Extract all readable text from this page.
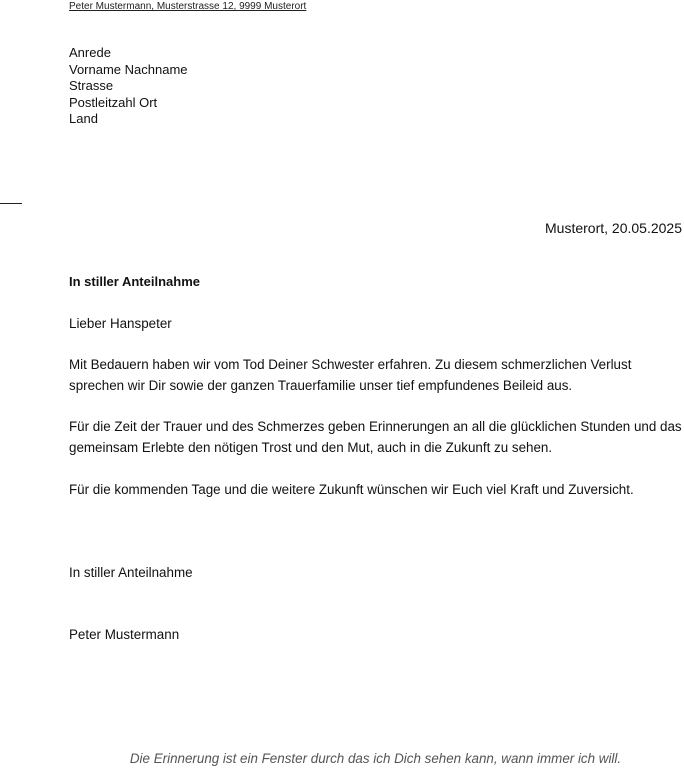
Peter Mustermann, Musterstrasse 12, 9999 Musterort
Anrede
Vorname Nachname
Strasse
Postleitzahl Ort
Land
Musterort, 20.05.2025
In stiller Anteilnahme
Lieber Hanspeter
Mit Bedauern haben wir vom Tod Deiner Schwester erfahren. Zu diesem schmerzlichen Verlust
sprechen wir Dir sowie der ganzen Trauerfamilie unser tief empfundenes Beileid aus.
Für die Zeit der Trauer und des Schmerzes geben Erinnerungen an all die glücklichen Stunden und das
gemeinsam Erlebte den nötigen Trost und den Mut, auch in die Zukunft zu sehen.
Für die kommenden Tage und die weitere Zukunft wünschen wir Euch viel Kraft und Zuversicht.
In stiller Anteilnahme
Peter Mustermann
Die Erinnerung ist ein Fenster durch das ich Dich sehen kann, wann immer ich will.
